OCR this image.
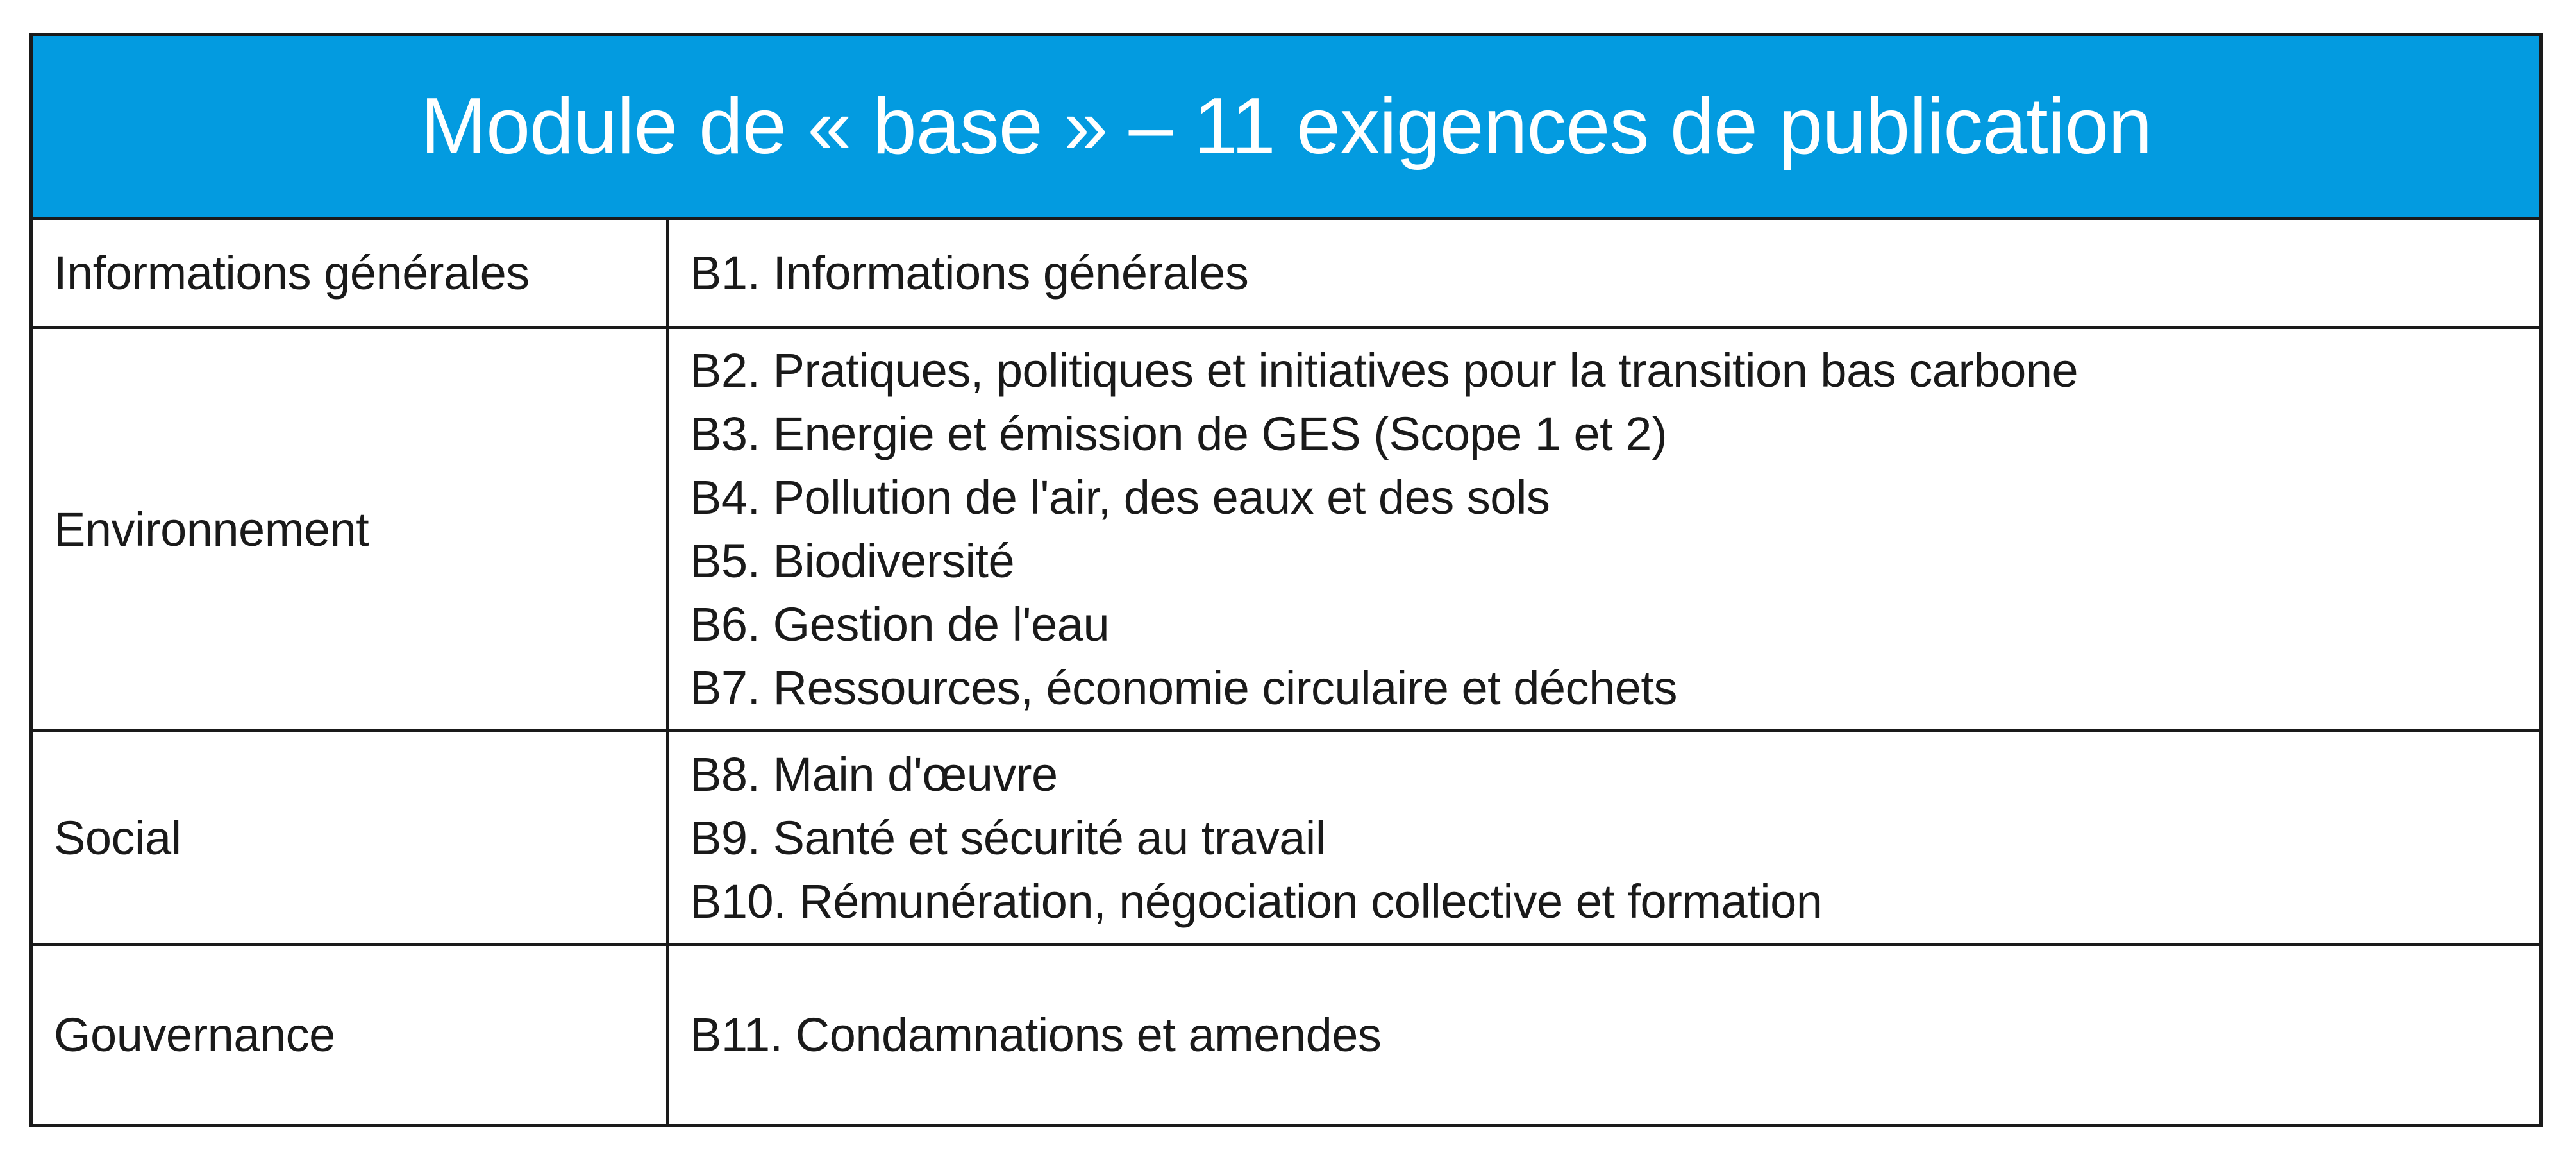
Module de « base » – 11 exigences de publication
Informations générales	B1. Informations générales
Environnement
B2. Pratiques, politiques et initiatives pour la transition bas carbone
B3. Energie et émission de GES (Scope 1 et 2)
B4. Pollution de l'air, des eaux et des sols
B5. Biodiversité
B6. Gestion de l'eau
B7. Ressources, économie circulaire et déchets
Social
B8. Main d'œuvre
B9. Santé et sécurité au travail
B10. Rémunération, négociation collective et formation
Gouvernance	B11. Condamnations et amendes
